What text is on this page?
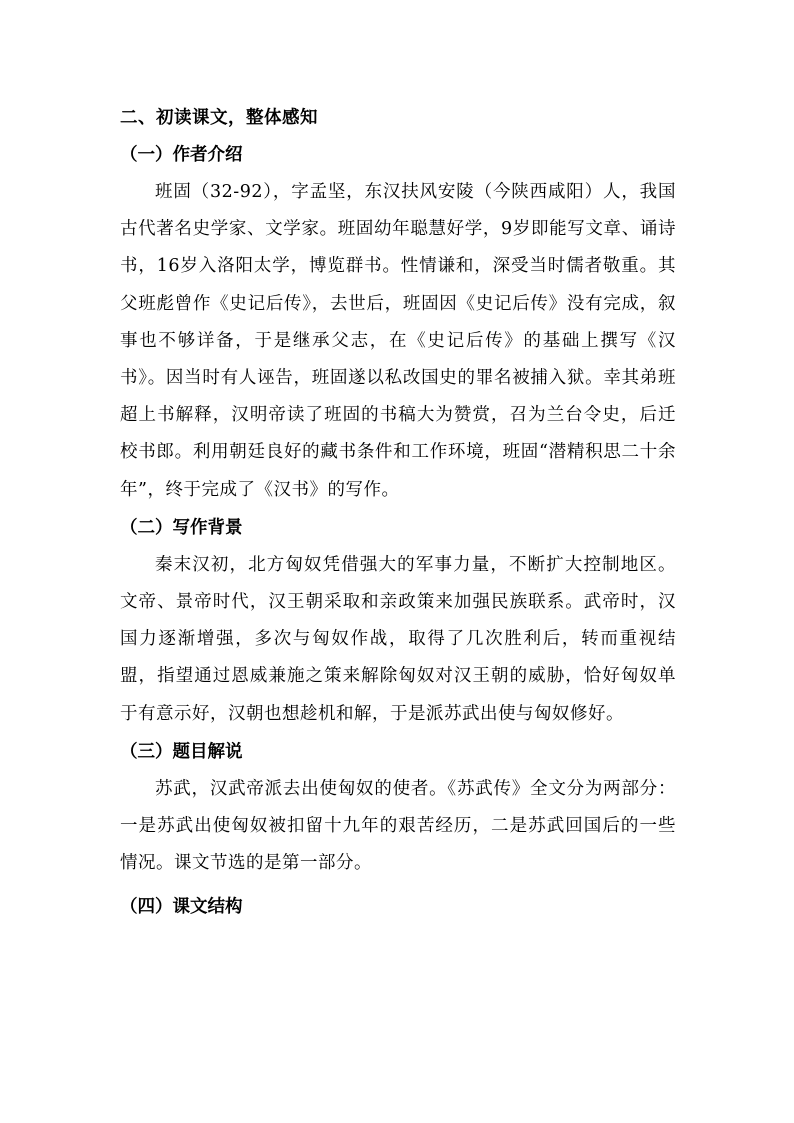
二、初读课文，整体感知
（一）作者介绍

班固（32-92），字孟坚，东汉扶风安陵（今陕西咸阳）人，我国古代著名史学家、文学家。班固幼年聪慧好学，9岁即能写文章、诵诗书，16岁入洛阳太学，博览群书。性情谦和，深受当时儒者敬重。其父班彪曾作《史记后传》，去世后，班固因《史记后传》没有完成，叙事也不够详备，于是继承父志，在《史记后传》的基础上撰写《汉书》。因当时有人诬告，班固遂以私改国史的罪名被捕入狱。幸其弟班超上书解释，汉明帝读了班固的书稿大为赞赏，召为兰台令史，后迁校书郎。利用朝廷良好的藏书条件和工作环境，班固“潜精积思二十余年”，终于完成了《汉书》的写作。

（二）写作背景

秦末汉初，北方匈奴凭借强大的军事力量，不断扩大控制地区。文帝、景帝时代，汉王朝采取和亲政策来加强民族联系。武帝时，汉国力逐渐增强，多次与匈奴作战，取得了几次胜利后，转而重视结盟，指望通过恩威兼施之策来解除匈奴对汉王朝的威胁，恰好匈奴单于有意示好，汉朝也想趁机和解，于是派苏武出使与匈奴修好。

（三）题目解说

苏武，汉武帝派去出使匈奴的使者。《苏武传》全文分为两部分：一是苏武出使匈奴被扣留十九年的艰苦经历，二是苏武回国后的一些情况。课文节选的是第一部分。

（四）课文结构
